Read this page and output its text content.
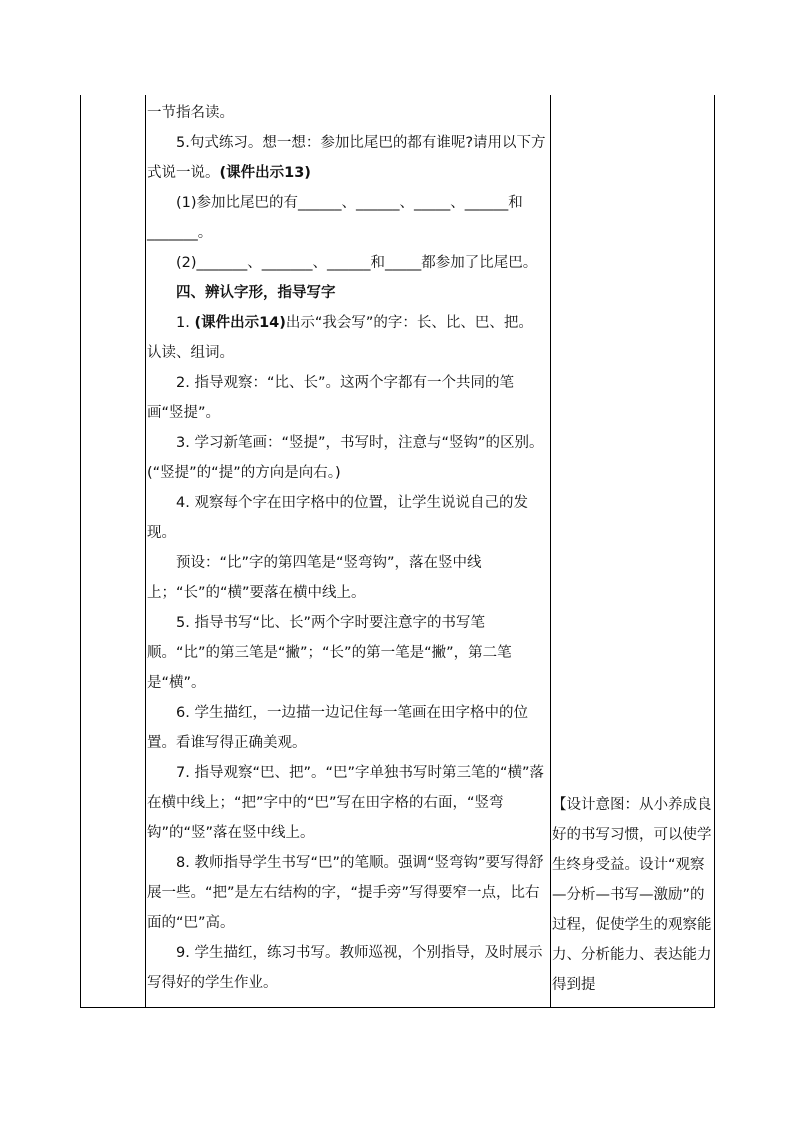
一节指名读。

5.句式练习。想一想：参加比尾巴的都有谁呢?请用以下方式说一说。(课件出示13)

(1)参加比尾巴的有______、______、_____、______和_______。

(2)_______、_______、______和_____都参加了比尾巴。

四、辨认字形，指导写字

1. (课件出示14)出示“我会写”的字：长、比、巴、把。认读、组词。

2. 指导观察：“比、长”。这两个字都有一个共同的笔画“竖提”。

3. 学习新笔画：“竖提”，书写时，注意与“竖钩”的区别。(“竖提”的“提”的方向是向右。)

4. 观察每个字在田字格中的位置，让学生说说自己的发现。

预设：“比”字的第四笔是“竖弯钩”，落在竖中线上；“长”的“横”要落在横中线上。

5. 指导书写“比、长”两个字时要注意字的书写笔顺。“比”的第三笔是“撇”；“长”的第一笔是“撇”，第二笔是“横”。

6. 学生描红，一边描一边记住每一笔画在田字格中的位置。看谁写得正确美观。

7. 指导观察“巴、把”。“巴”字单独书写时第三笔的“横”落在横中线上；“把”字中的“巴”写在田字格的右面，“竖弯钩”的“竖”落在竖中线上。

8. 教师指导学生书写“巴”的笔顺。强调“竖弯钩”要写得舒展一些。“把”是左右结构的字，“提手旁”写得要窄一点，比右面的“巴”高。

9. 学生描红，练习书写。教师巡视，个别指导，及时展示写得好的学生作业。

【设计意图：从小养成良好的书写习惯，可以使学生终身受益。设计“观察—分析—书写—激励”的过程，促使学生的观察能力、分析能力、表达能力得到提
